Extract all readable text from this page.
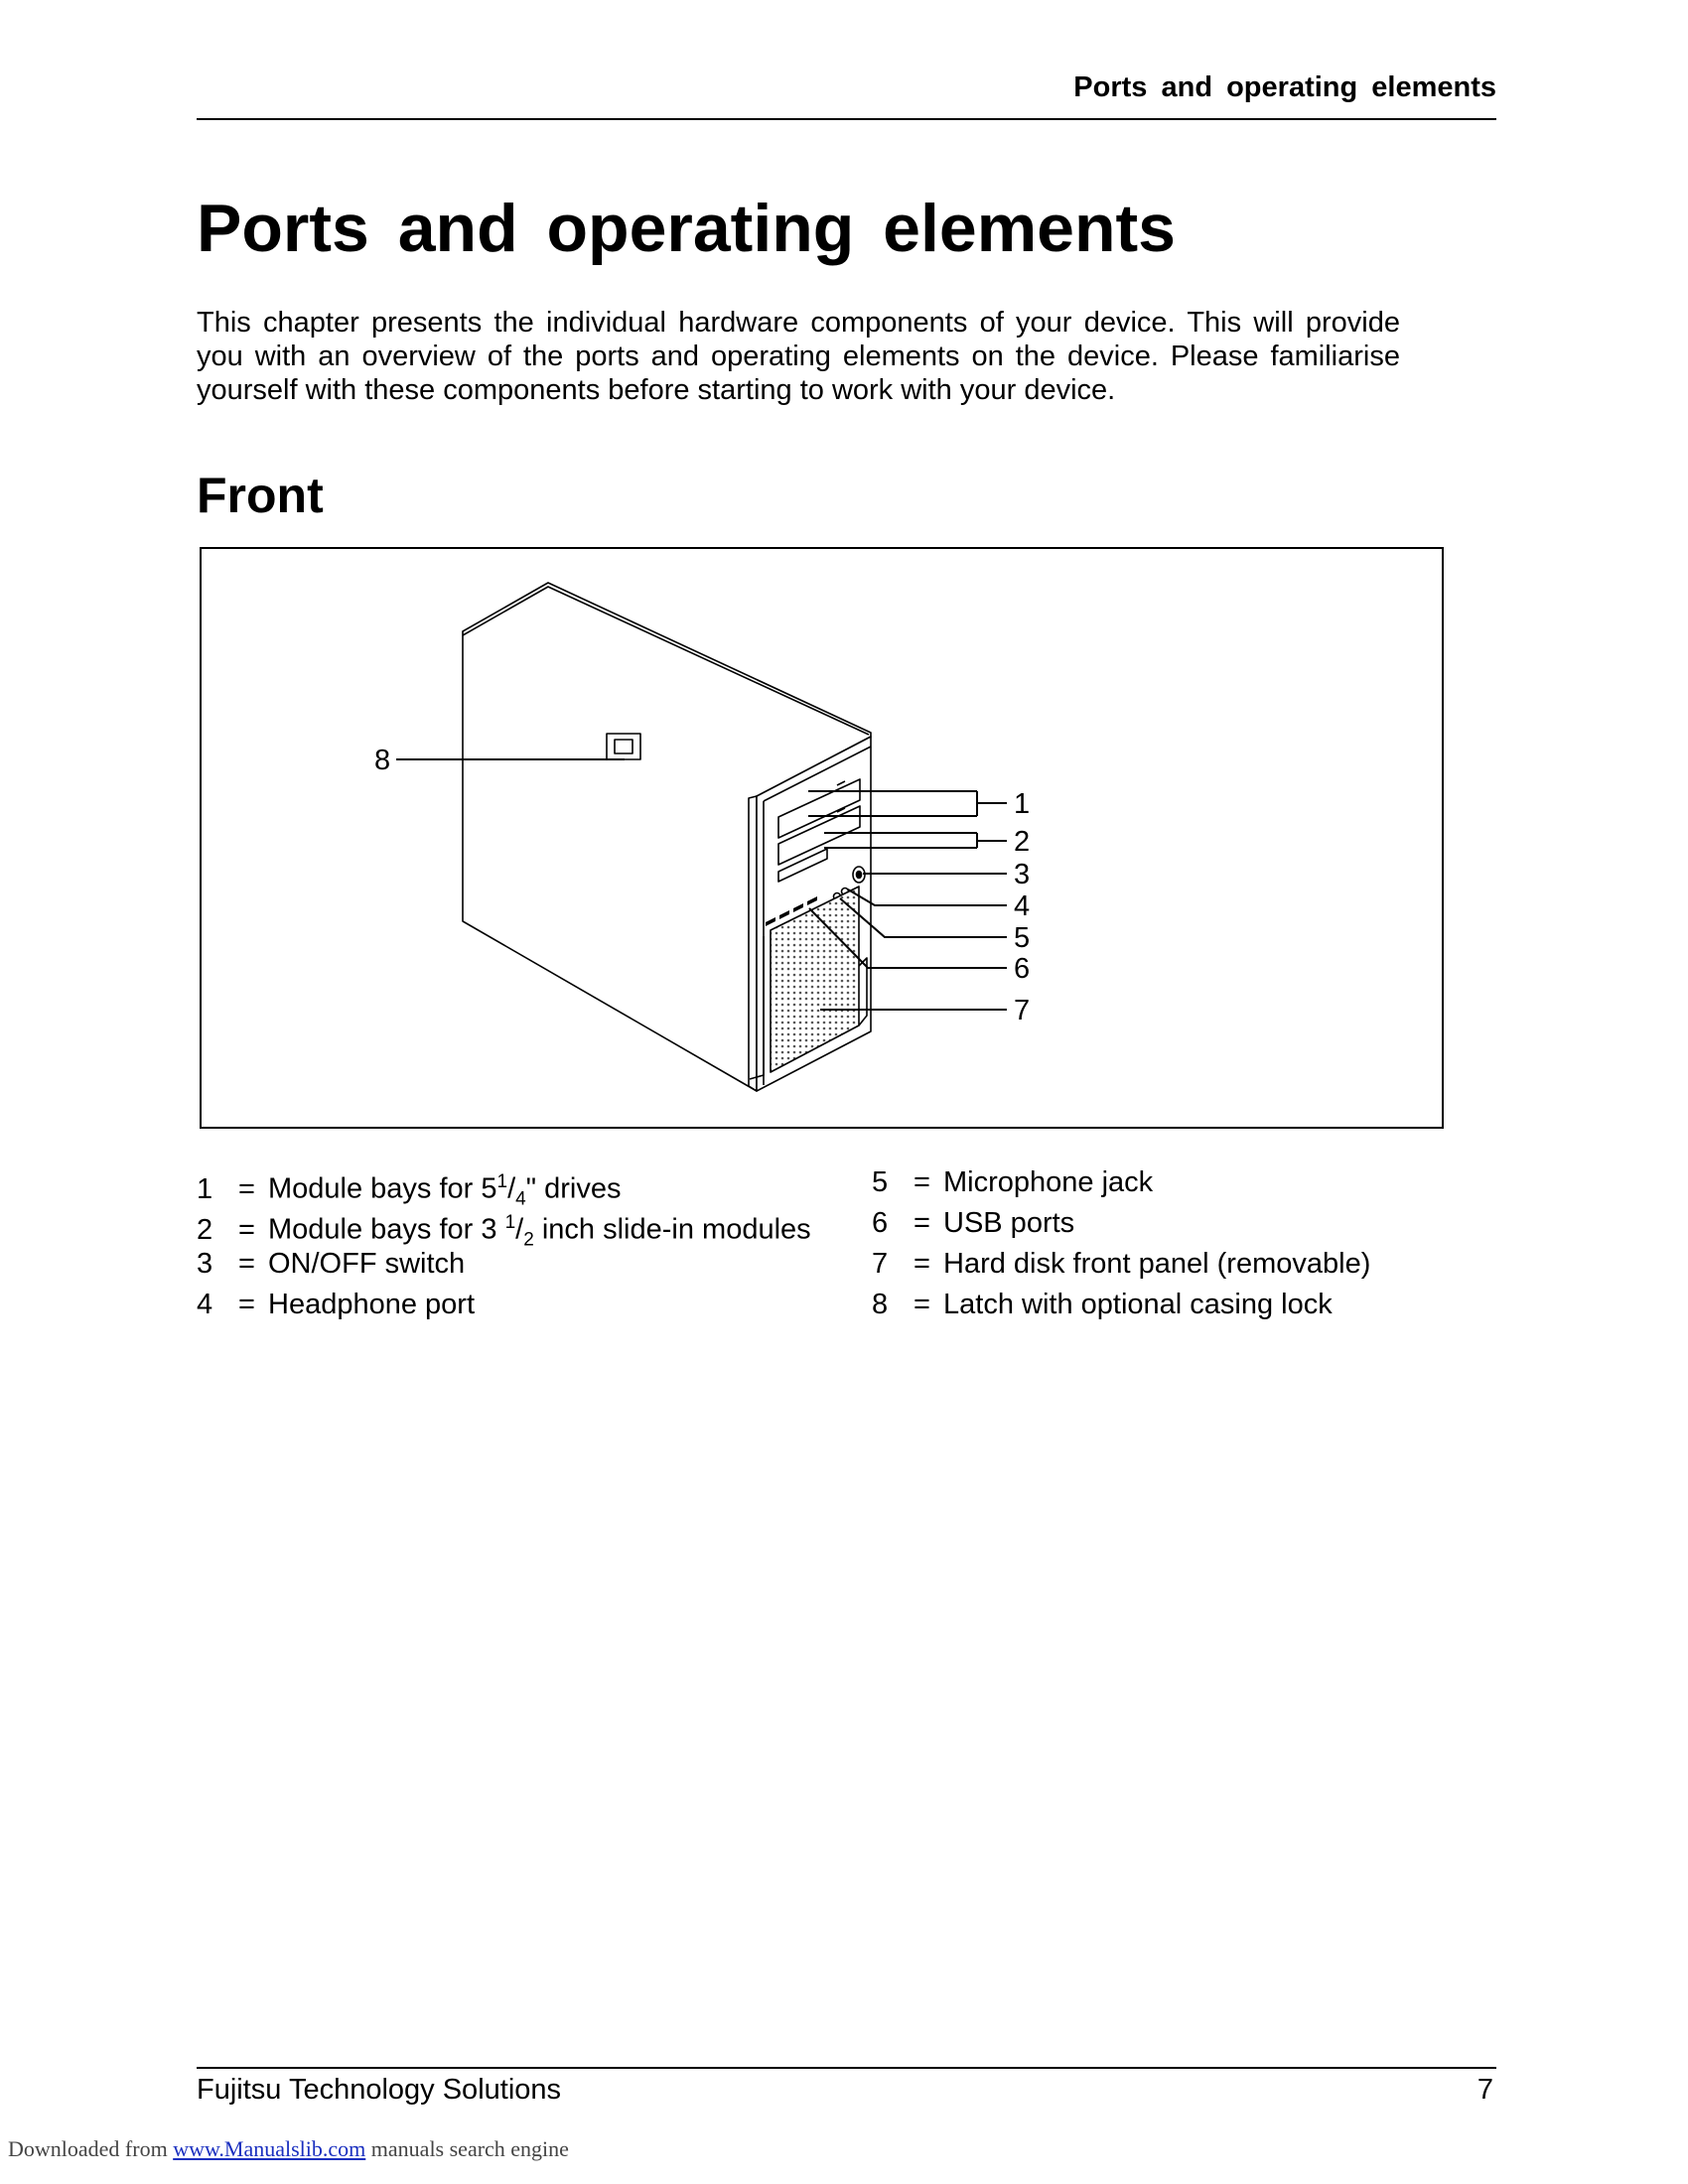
Ports and operating elements

Ports and operating elements

This chapter presents the individual hardware components of your device. This will provide you with an overview of the ports and operating elements on the device. Please familiarise yourself with these components before starting to work with your device.

Front
1
2
3
4
5
6
7
8
1 = Module bays for $5^1/_4$" drives
2 = Module bays for 3 $^1/_2$ inch slide-in modules
3 = ON/OFF switch
4 = Headphone port
5 = Microphone jack
6 = USB ports
7 = Hard disk front panel (removable)
8 = Latch with optional casing lock

Fujitsu Technology Solutions	7

Downloaded from www.Manualslib.com manuals search engine
